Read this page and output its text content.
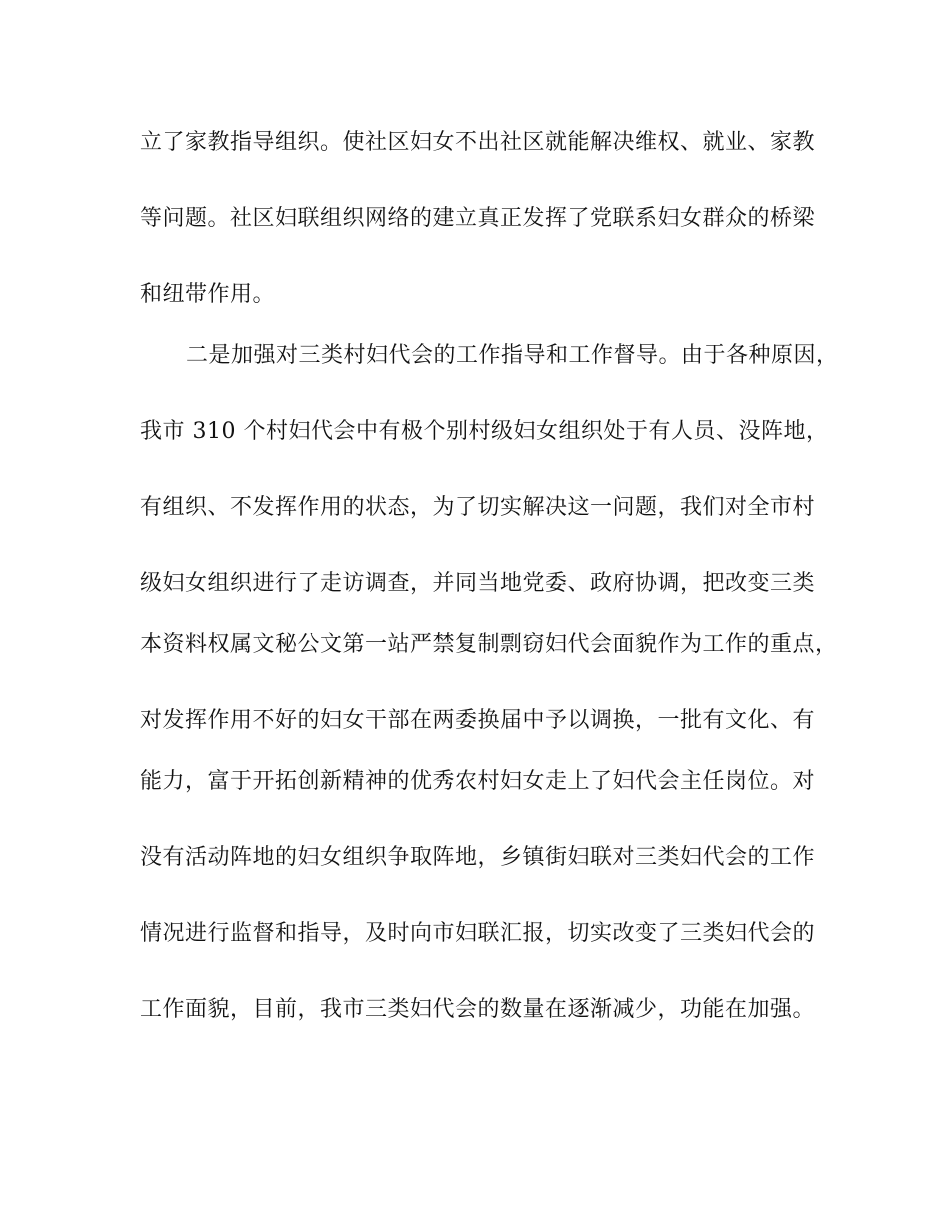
立了家教指导组织。使社区妇女不出社区就能解决维权、就业、家教
等问题。社区妇联组织网络的建立真正发挥了党联系妇女群众的桥梁
和纽带作用。
二是加强对三类村妇代会的工作指导和工作督导。由于各种原因，
我市 310 个村妇代会中有极个别村级妇女组织处于有人员、没阵地，
有组织、不发挥作用的状态，为了切实解决这一问题，我们对全市村
级妇女组织进行了走访调查，并同当地党委、政府协调，把改变三类
本资料权属文秘公文第一站严禁复制剽窃妇代会面貌作为工作的重点，
对发挥作用不好的妇女干部在两委换届中予以调换，一批有文化、有
能力，富于开拓创新精神的优秀农村妇女走上了妇代会主任岗位。对
没有活动阵地的妇女组织争取阵地，乡镇街妇联对三类妇代会的工作
情况进行监督和指导，及时向市妇联汇报，切实改变了三类妇代会的
工作面貌，目前，我市三类妇代会的数量在逐渐减少，功能在加强。
